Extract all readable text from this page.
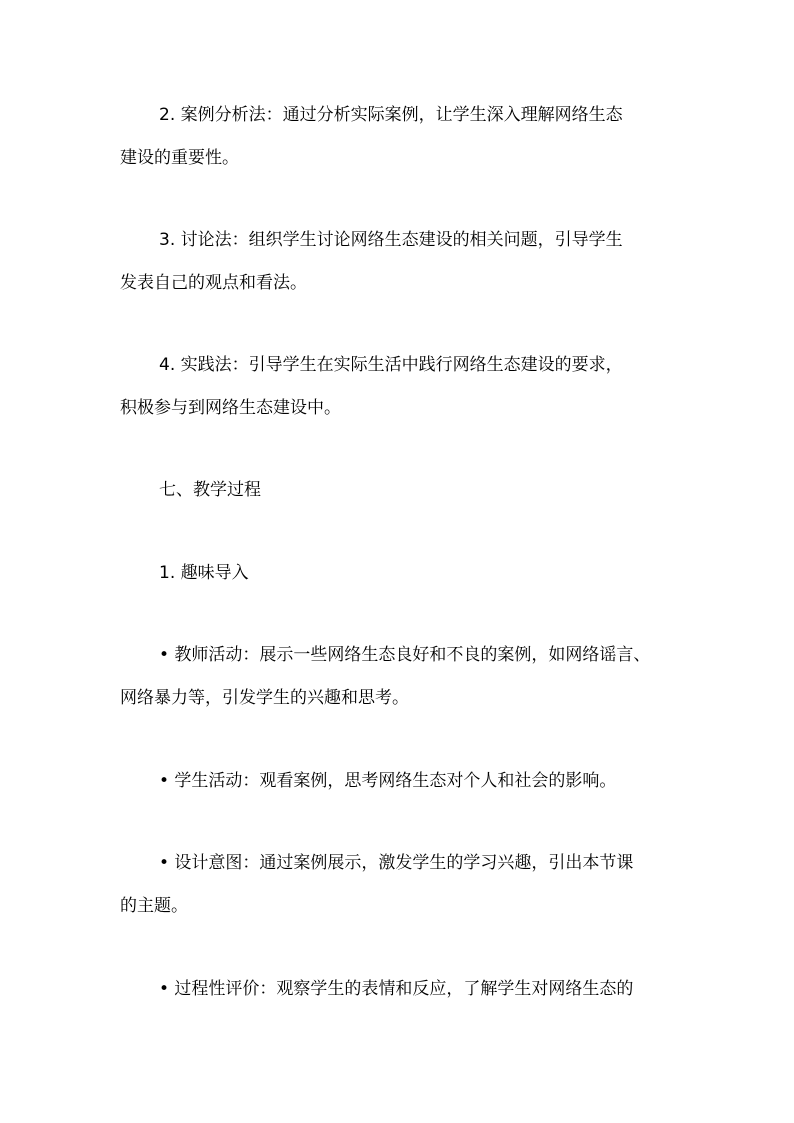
2. 案例分析法：通过分析实际案例，让学生深入理解网络生态

建设的重要性。

3. 讨论法：组织学生讨论网络生态建设的相关问题，引导学生

发表自己的观点和看法。

4. 实践法：引导学生在实际生活中践行网络生态建设的要求，

积极参与到网络生态建设中。

七、教学过程

1. 趣味导入

• 教师活动：展示一些网络生态良好和不良的案例，如网络谣言、

网络暴力等，引发学生的兴趣和思考。

• 学生活动：观看案例，思考网络生态对个人和社会的影响。

• 设计意图：通过案例展示，激发学生的学习兴趣，引出本节课

的主题。

• 过程性评价：观察学生的表情和反应，了解学生对网络生态的
